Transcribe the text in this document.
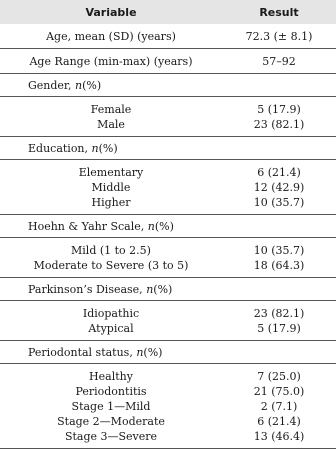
Variable	Result
Age, mean (SD) (years)	72.3 (± 8.1)
Age Range (min-max) (years)	57–92
Gender,
n (%)
Female	5 (17.9)
Male	23 (82.1)
Education,
n (%)
Elementary	6 (21.4)
Middle	12 (42.9)
Higher	10 (35.7)
Hoehn & Yahr Scale,
n (%)
Mild (1 to 2.5)	10 (35.7)
Moderate to Severe (3 to 5)	18 (64.3)
Parkinson’s Disease,
n (%)
Idiopathic	23 (82.1)
Atypical	5 (17.9)
Periodontal status,
n (%)
Healthy	7 (25.0)
Periodontitis	21 (75.0)
Stage 1—Mild	2 (7.1)
Stage 2—Moderate	6 (21.4)
Stage 3—Severe	13 (46.4)
